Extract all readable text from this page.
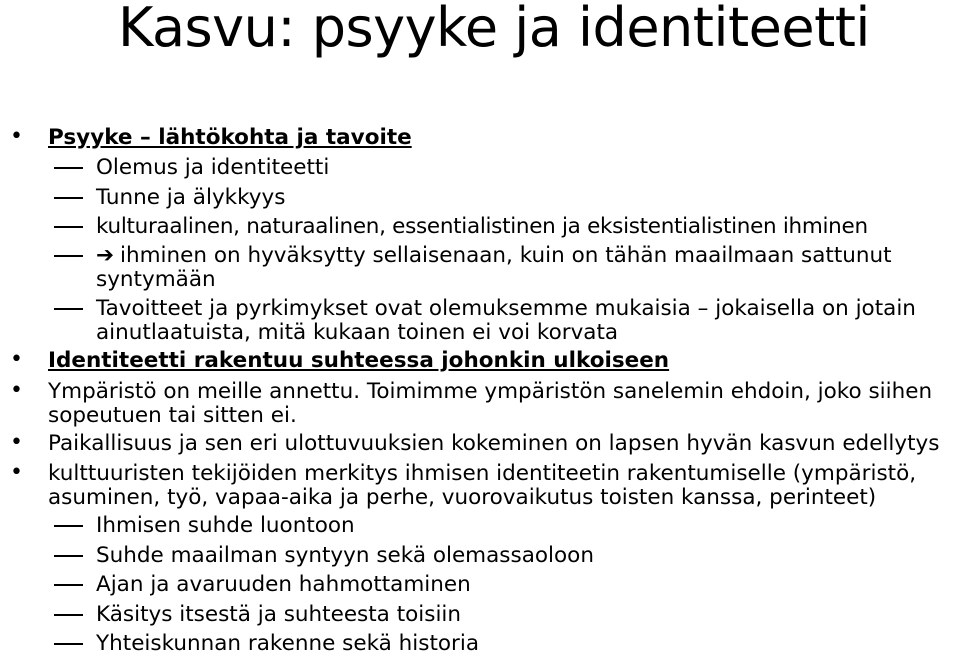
Kasvu: psyyke ja identiteetti
• Psyyke – lähtökohta ja tavoite
Olemus ja identiteetti
Tunne ja älykkyys
kulturaalinen, naturaalinen, essentialistinen ja eksistentialistinen ihminen
➔ ihminen on hyväksytty sellaisenaan, kuin on tähän maailmaan sattunut
syntymään
Tavoitteet ja pyrkimykset ovat olemuksemme mukaisia – jokaisella on jotain
ainutlaatuista, mitä kukaan toinen ei voi korvata
• Identiteetti rakentuu suhteessa johonkin ulkoiseen
• Ympäristö on meille annettu. Toimimme ympäristön sanelemin ehdoin, joko siihen
sopeutuen tai sitten ei.
• Paikallisuus ja sen eri ulottuvuuksien kokeminen on lapsen hyvän kasvun edellytys
• kulttuuristen tekijöiden merkitys ihmisen identiteetin rakentumiselle (ympäristö,
asuminen, työ, vapaa-aika ja perhe, vuorovaikutus toisten kanssa, perinteet)
Ihmisen suhde luontoon
Suhde maailman syntyyn sekä olemassaoloon
Ajan ja avaruuden hahmottaminen
Käsitys itsestä ja suhteesta toisiin
Yhteiskunnan rakenne sekä historia
